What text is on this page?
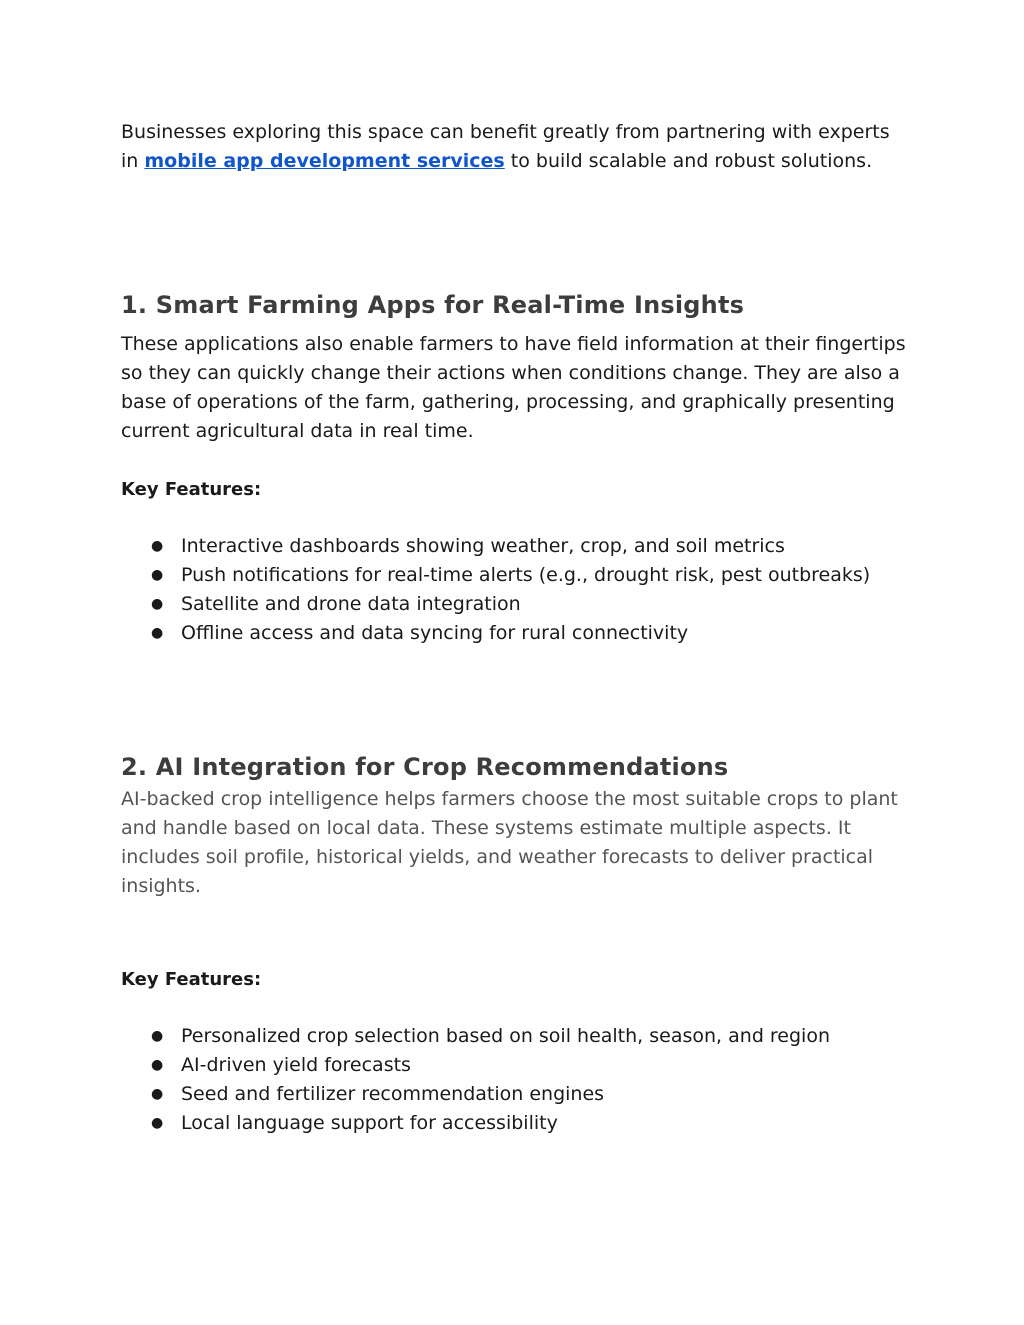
Businesses exploring this space can benefit greatly from partnering with experts in mobile app development services to build scalable and robust solutions.

1. Smart Farming Apps for Real-Time Insights

These applications also enable farmers to have field information at their fingertips so they can quickly change their actions when conditions change. They are also a base of operations of the farm, gathering, processing, and graphically presenting current agricultural data in real time.

Key Features:

● Interactive dashboards showing weather, crop, and soil metrics
● Push notifications for real-time alerts (e.g., drought risk, pest outbreaks)
● Satellite and drone data integration
● Offline access and data syncing for rural connectivity
2. AI Integration for Crop Recommendations

AI-backed crop intelligence helps farmers choose the most suitable crops to plant and handle based on local data. These systems estimate multiple aspects. It includes soil profile, historical yields, and weather forecasts to deliver practical insights.

Key Features:

● Personalized crop selection based on soil health, season, and region
● AI-driven yield forecasts
● Seed and fertilizer recommendation engines
● Local language support for accessibility
